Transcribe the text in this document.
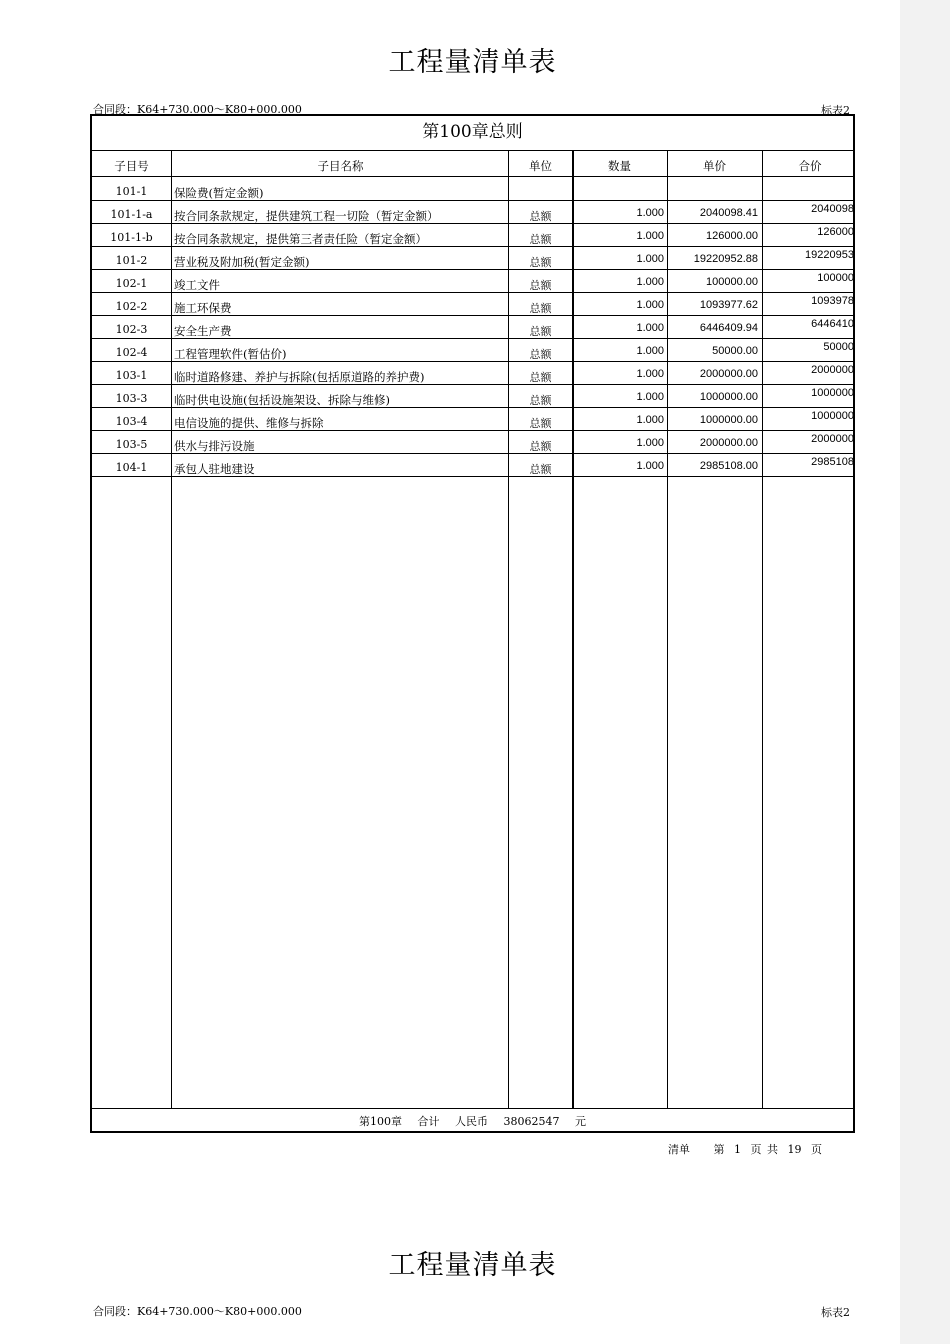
工程量清单表
合同段：K64+730.000～K80+000.000	标表2
第100章总则
子目号	子目名称	单位	数量	单价	合价
101-1	保险费(暂定金额)
101-1-a	按合同条款规定，提供建筑工程一切险（暂定金额）	总额	1.000	2040098.41	2040098
101-1-b	按合同条款规定，提供第三者责任险（暂定金额）	总额	1.000	126000.00	126000
101-2	营业税及附加税(暂定金额)	总额	1.000	19220952.88	19220953
102-1	竣工文件	总额	1.000	100000.00	100000
102-2	施工环保费	总额	1.000	1093977.62	1093978
102-3	安全生产费	总额	1.000	6446409.94	6446410
102-4	工程管理软件(暂估价)	总额	1.000	50000.00	50000
103-1	临时道路修建、养护与拆除(包括原道路的养护费)	总额	1.000	2000000.00	2000000
103-3	临时供电设施(包括设施架设、拆除与维修)	总额	1.000	1000000.00	1000000
103-4	电信设施的提供、维修与拆除	总额	1.000	1000000.00	1000000
103-5	供水与排污设施	总额	1.000	2000000.00	2000000
104-1	承包人驻地建设	总额	1.000	2985108.00	2985108
第100章 合计 人民币 38062547 元
清单 第 1 页 共 19 页
工程量清单表
合同段：K64+730.000～K80+000.000	标表2
